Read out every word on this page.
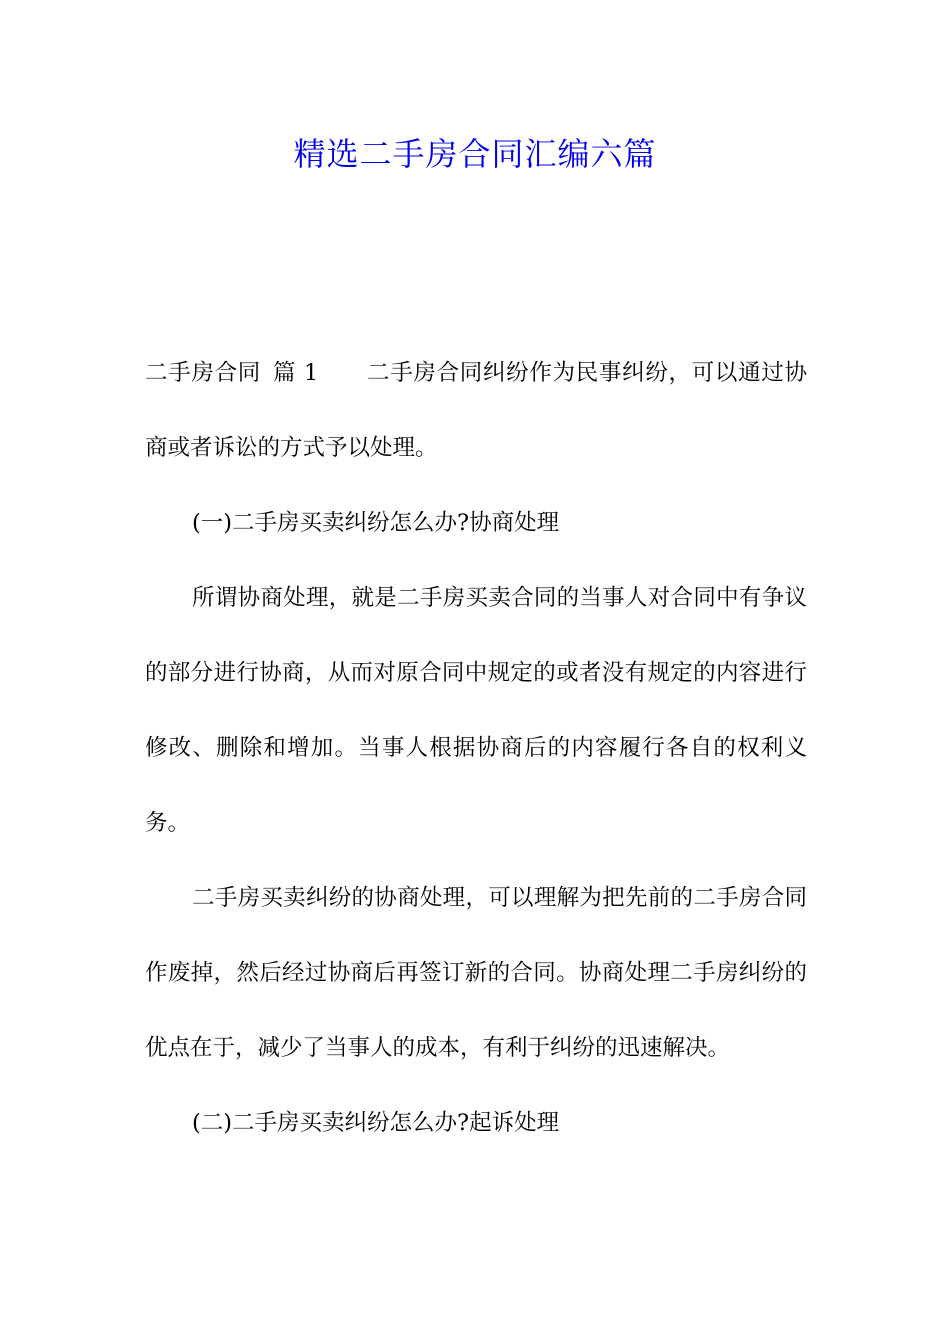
精选二手房合同汇编六篇

二手房合同 篇 1 二手房合同纠纷作为民事纠纷，可以通过协商或者诉讼的方式予以处理。

(一)二手房买卖纠纷怎么办?协商处理

所谓协商处理，就是二手房买卖合同的当事人对合同中有争议的部分进行协商，从而对原合同中规定的或者没有规定的内容进行修改、删除和增加。当事人根据协商后的内容履行各自的权利义务。

二手房买卖纠纷的协商处理，可以理解为把先前的二手房合同作废掉，然后经过协商后再签订新的合同。协商处理二手房纠纷的优点在于，减少了当事人的成本，有利于纠纷的迅速解决。

(二)二手房买卖纠纷怎么办?起诉处理
